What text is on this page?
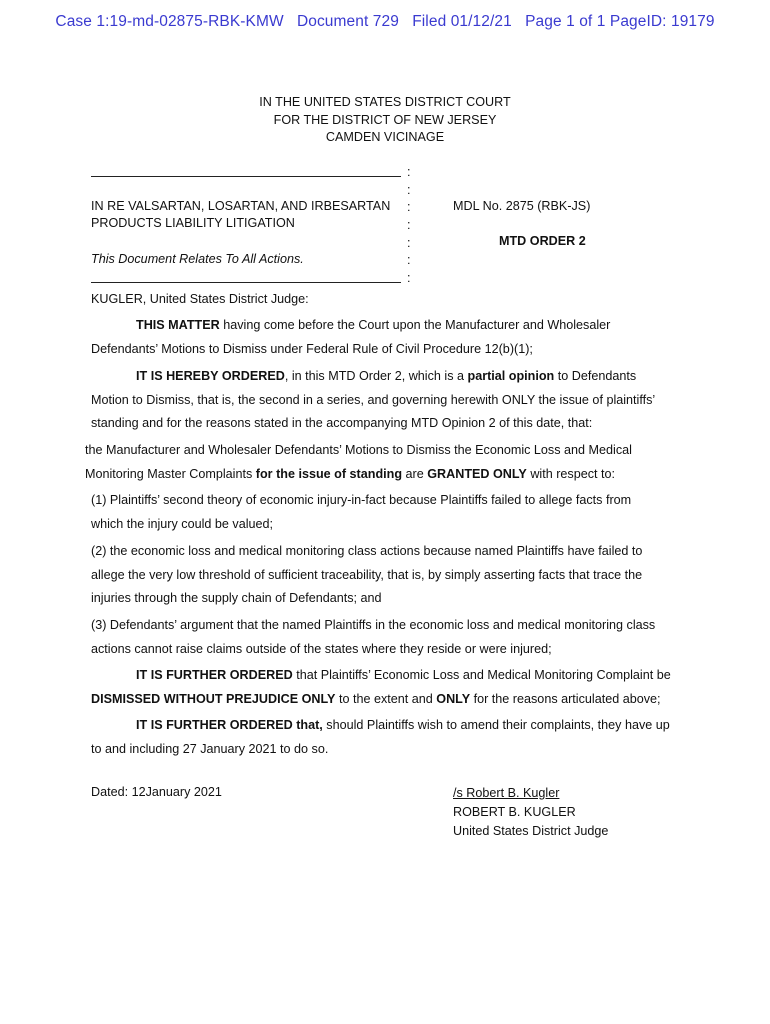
Case 1:19-md-02875-RBK-KMW Document 729 Filed 01/12/21 Page 1 of 1 PageID: 19179
IN THE UNITED STATES DISTRICT COURT
FOR THE DISTRICT OF NEW JERSEY
CAMDEN VICINAGE
:
:
:
:
:
:
:
IN RE VALSARTAN, LOSARTAN, AND IRBESARTAN
PRODUCTS LIABILITY LITIGATION
This Document Relates To All Actions.
MDL No. 2875 (RBK-JS)
MTD ORDER 2
KUGLER, United States District Judge:
THIS MATTER having come before the Court upon the Manufacturer and Wholesaler
Defendants’ Motions to Dismiss under Federal Rule of Civil Procedure 12(b)(1);
IT IS HEREBY ORDERED, in this MTD Order 2, which is a partial opinion to Defendants
Motion to Dismiss, that is, the second in a series, and governing herewith ONLY the issue of plaintiffs’
standing and for the reasons stated in the accompanying MTD Opinion 2 of this date, that:
the Manufacturer and Wholesaler Defendants’ Motions to Dismiss the Economic Loss and Medical
Monitoring Master Complaints for the issue of standing are GRANTED ONLY with respect to:
(1) Plaintiffs’ second theory of economic injury-in-fact because Plaintiffs failed to allege facts from
which the injury could be valued;
(2) the economic loss and medical monitoring class actions because named Plaintiffs have failed to
allege the very low threshold of sufficient traceability, that is, by simply asserting facts that trace the
injuries through the supply chain of Defendants; and
(3) Defendants’ argument that the named Plaintiffs in the economic loss and medical monitoring class
actions cannot raise claims outside of the states where they reside or were injured;
IT IS FURTHER ORDERED that Plaintiffs’ Economic Loss and Medical Monitoring Complaint be
DISMISSED WITHOUT PREJUDICE ONLY to the extent and ONLY for the reasons articulated above;
IT IS FURTHER ORDERED that, should Plaintiffs wish to amend their complaints, they have up
to and including 27 January 2021 to do so.
Dated: 12January 2021	/s Robert B. Kugler
ROBERT B. KUGLER
United States District Judge
